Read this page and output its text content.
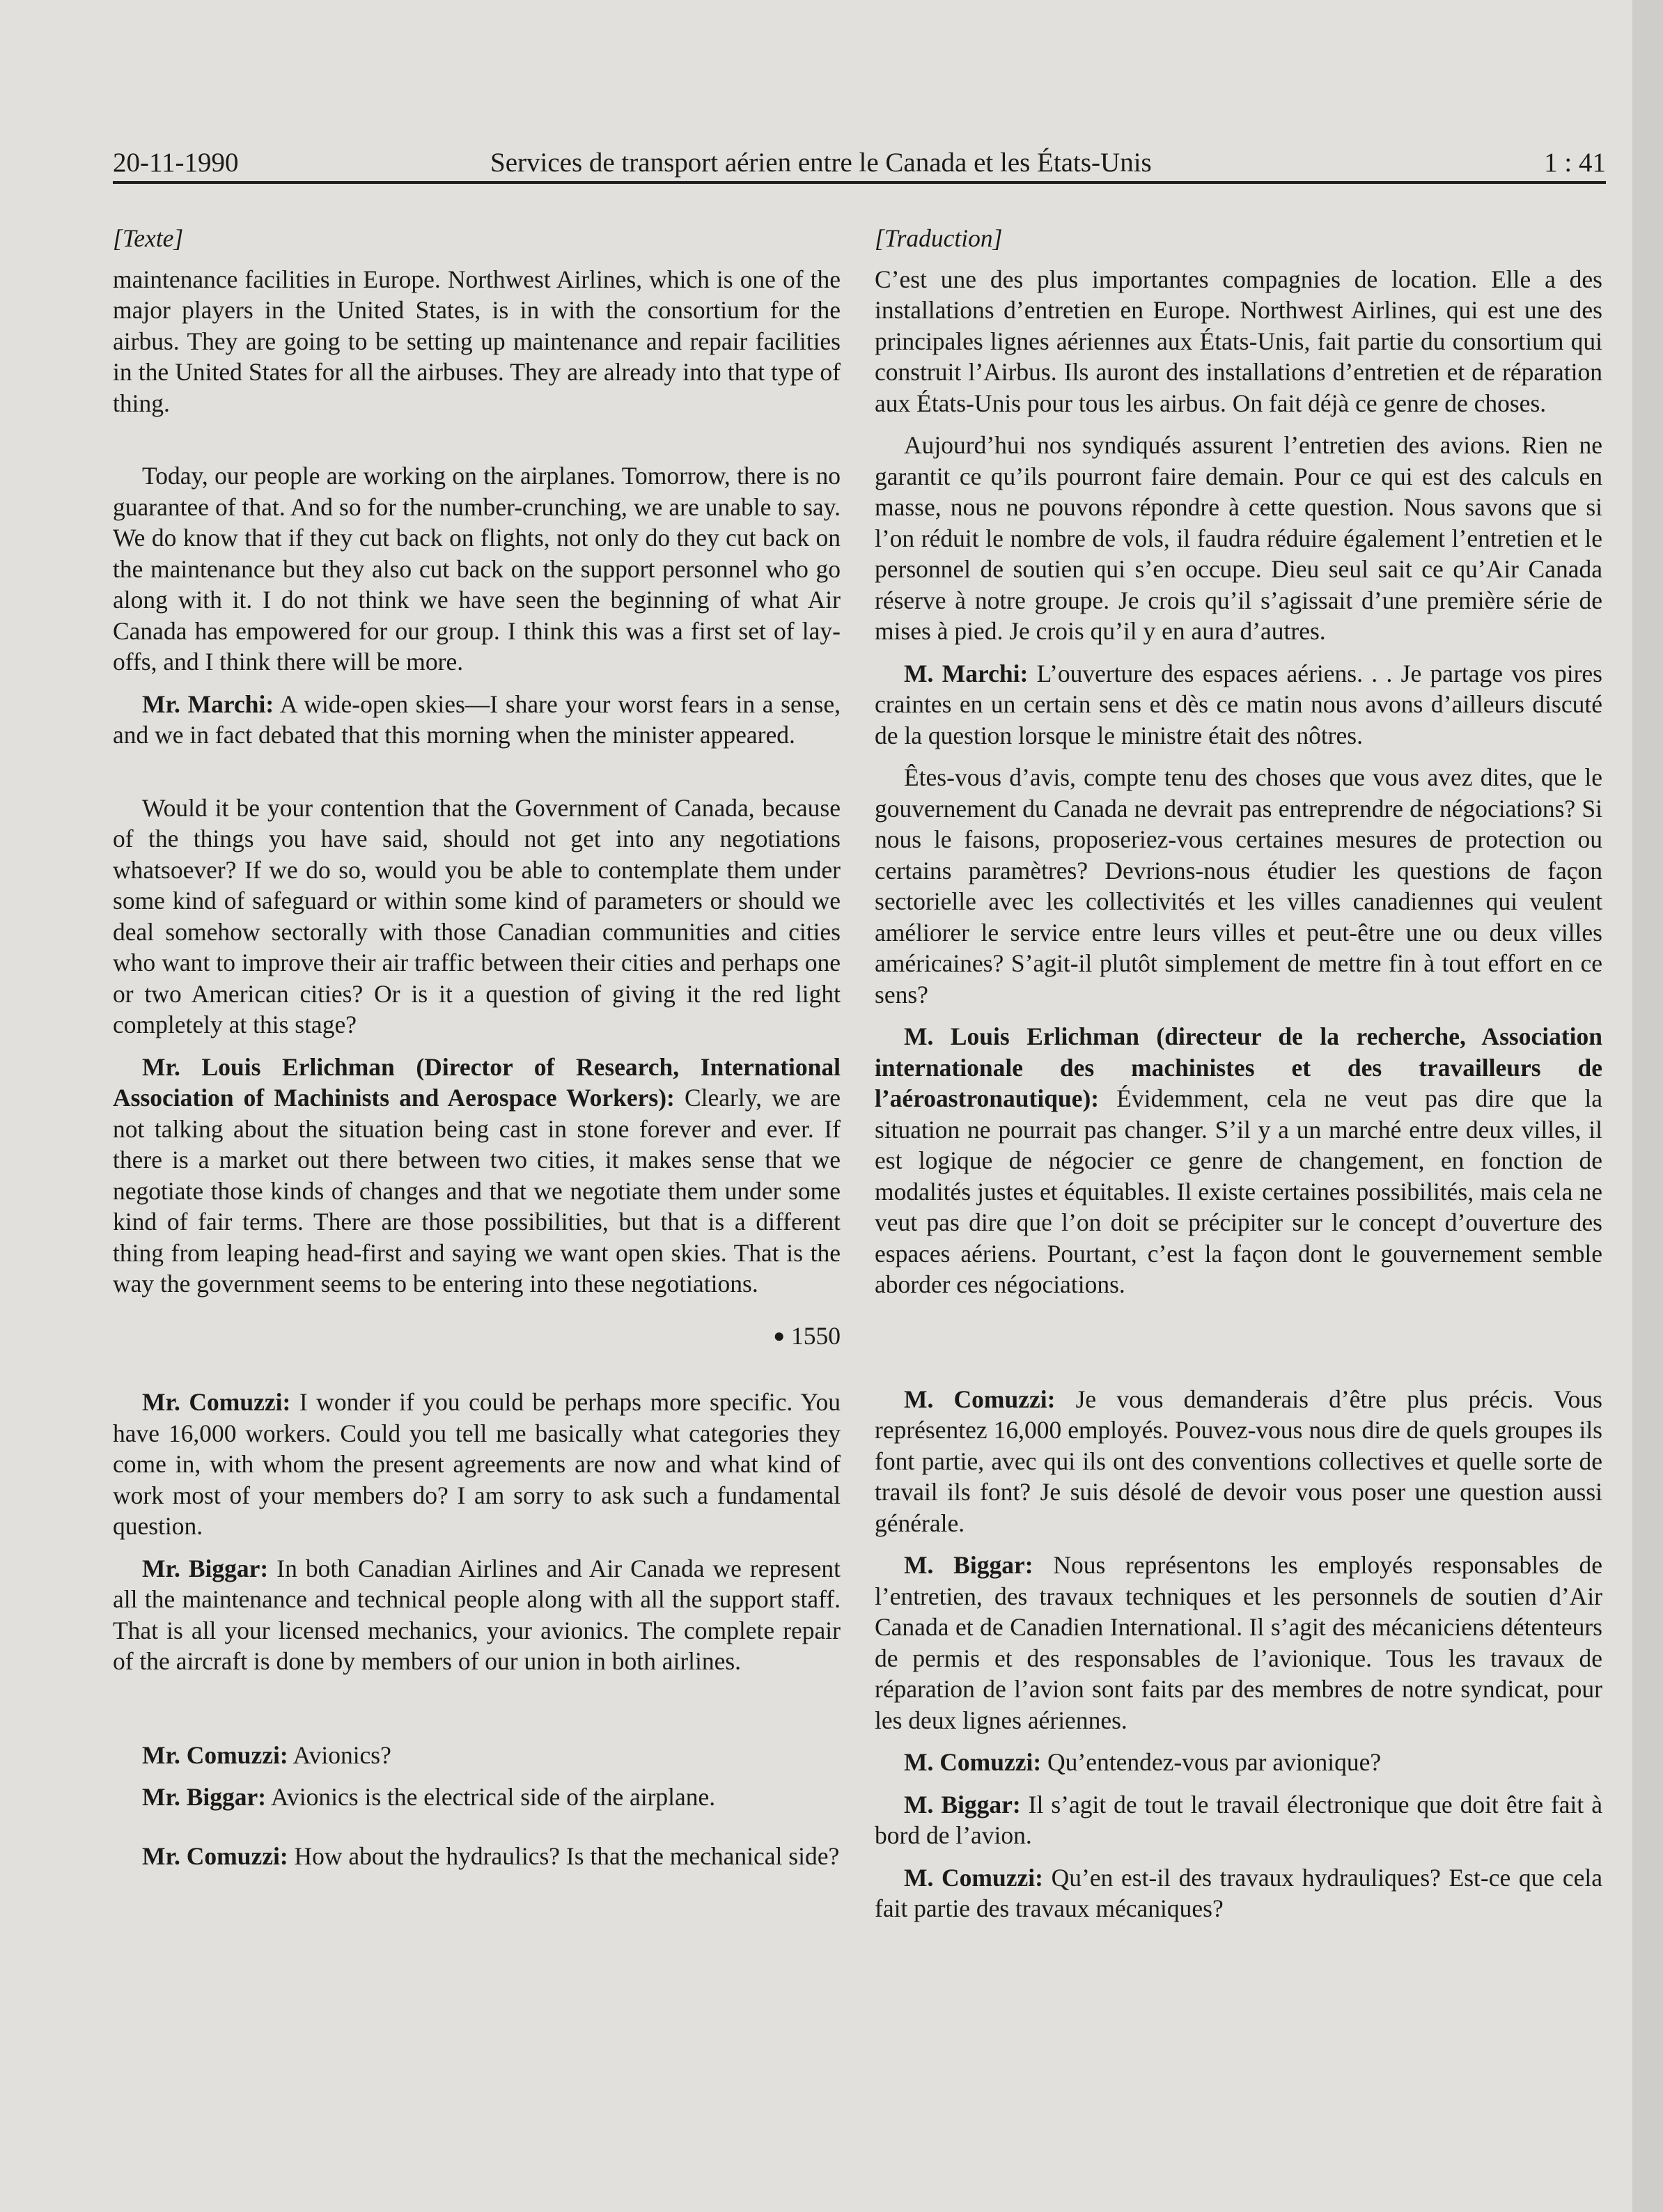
20-11-1990	Services de transport aérien entre le Canada et les États-Unis	1 : 41

[Texte]

maintenance facilities in Europe. Northwest Airlines, which is one of the major players in the United States, is in with the consortium for the airbus. They are going to be setting up maintenance and repair facilities in the United States for all the airbuses. They are already into that type of thing.

Today, our people are working on the airplanes. Tomorrow, there is no guarantee of that. And so for the number-crunching, we are unable to say. We do know that if they cut back on flights, not only do they cut back on the maintenance but they also cut back on the support personnel who go along with it. I do not think we have seen the beginning of what Air Canada has empowered for our group. I think this was a first set of lay-offs, and I think there will be more.

Mr. Marchi: A wide-open skies—I share your worst fears in a sense, and we in fact debated that this morning when the minister appeared.

Would it be your contention that the Government of Canada, because of the things you have said, should not get into any negotiations whatsoever? If we do so, would you be able to contemplate them under some kind of safeguard or within some kind of parameters or should we deal somehow sectorally with those Canadian communities and cities who want to improve their air traffic between their cities and perhaps one or two American cities? Or is it a question of giving it the red light completely at this stage?

Mr. Louis Erlichman (Director of Research, International Association of Machinists and Aerospace Workers): Clearly, we are not talking about the situation being cast in stone forever and ever. If there is a market out there between two cities, it makes sense that we negotiate those kinds of changes and that we negotiate them under some kind of fair terms. There are those possibilities, but that is a different thing from leaping head-first and saying we want open skies. That is the way the government seems to be entering into these negotiations.

● 1550

Mr. Comuzzi: I wonder if you could be perhaps more specific. You have 16,000 workers. Could you tell me basically what categories they come in, with whom the present agreements are now and what kind of work most of your members do? I am sorry to ask such a fundamental question.

Mr. Biggar: In both Canadian Airlines and Air Canada we represent all the maintenance and technical people along with all the support staff. That is all your licensed mechanics, your avionics. The complete repair of the aircraft is done by members of our union in both airlines.

Mr. Comuzzi: Avionics?

Mr. Biggar: Avionics is the electrical side of the airplane.

Mr. Comuzzi: How about the hydraulics? Is that the mechanical side?

[Traduction]

C’est une des plus importantes compagnies de location. Elle a des installations d’entretien en Europe. Northwest Airlines, qui est une des principales lignes aériennes aux États-Unis, fait partie du consortium qui construit l’Airbus. Ils auront des installations d’entretien et de réparation aux États-Unis pour tous les airbus. On fait déjà ce genre de choses.

Aujourd’hui nos syndiqués assurent l’entretien des avions. Rien ne garantit ce qu’ils pourront faire demain. Pour ce qui est des calculs en masse, nous ne pouvons répondre à cette question. Nous savons que si l’on réduit le nombre de vols, il faudra réduire également l’entretien et le personnel de soutien qui s’en occupe. Dieu seul sait ce qu’Air Canada réserve à notre groupe. Je crois qu’il s’agissait d’une première série de mises à pied. Je crois qu’il y en aura d’autres.

M. Marchi: L’ouverture des espaces aériens. . . Je partage vos pires craintes en un certain sens et dès ce matin nous avons d’ailleurs discuté de la question lorsque le ministre était des nôtres.

Êtes-vous d’avis, compte tenu des choses que vous avez dites, que le gouvernement du Canada ne devrait pas entreprendre de négociations? Si nous le faisons, proposeriez-vous certaines mesures de protection ou certains paramètres? Devrions-nous étudier les questions de façon sectorielle avec les collectivités et les villes canadiennes qui veulent améliorer le service entre leurs villes et peut-être une ou deux villes américaines? S’agit-il plutôt simplement de mettre fin à tout effort en ce sens?

M. Louis Erlichman (directeur de la recherche, Association internationale des machinistes et des travailleurs de l’aéroastronautique): Évidemment, cela ne veut pas dire que la situation ne pourrait pas changer. S’il y a un marché entre deux villes, il est logique de négocier ce genre de changement, en fonction de modalités justes et équitables. Il existe certaines possibilités, mais cela ne veut pas dire que l’on doit se précipiter sur le concept d’ouverture des espaces aériens. Pourtant, c’est la façon dont le gouvernement semble aborder ces négociations.

M. Comuzzi: Je vous demanderais d’être plus précis. Vous représentez 16,000 employés. Pouvez-vous nous dire de quels groupes ils font partie, avec qui ils ont des conventions collectives et quelle sorte de travail ils font? Je suis désolé de devoir vous poser une question aussi générale.

M. Biggar: Nous représentons les employés responsables de l’entretien, des travaux techniques et les personnels de soutien d’Air Canada et de Canadien International. Il s’agit des mécaniciens détenteurs de permis et des responsables de l’avionique. Tous les travaux de réparation de l’avion sont faits par des membres de notre syndicat, pour les deux lignes aériennes.

M. Comuzzi: Qu’entendez-vous par avionique?

M. Biggar: Il s’agit de tout le travail électronique que doit être fait à bord de l’avion.

M. Comuzzi: Qu’en est-il des travaux hydrauliques? Est-ce que cela fait partie des travaux mécaniques?
